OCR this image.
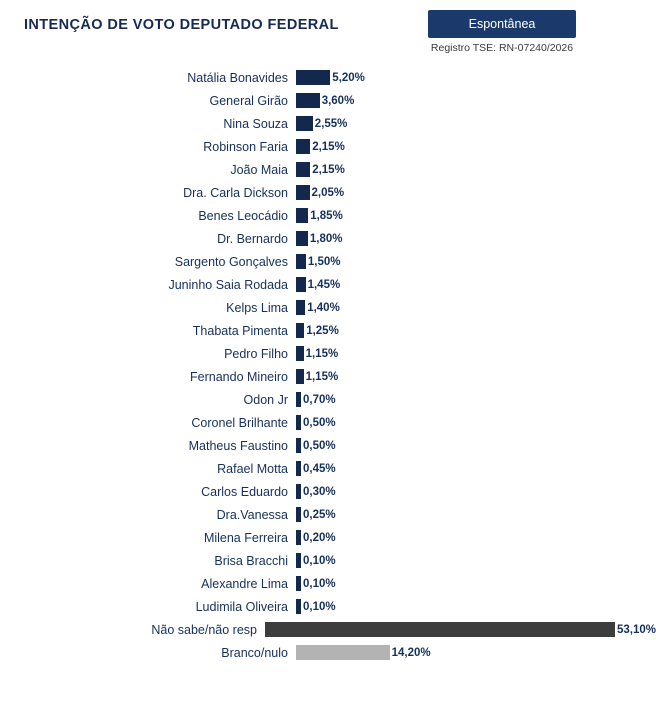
INTENÇÃO DE VOTO DEPUTADO FEDERAL	Espontânea
Registro TSE: RN-07240/2026
Natália Bonavides	5,20%
General Girão	3,60%
Nina Souza	2,55%
Robinson Faria	2,15%
João Maia	2,15%
Dra. Carla Dickson	2,05%
Benes Leocádio	1,85%
Dr. Bernardo	1,80%
Sargento Gonçalves	1,50%
Juninho Saia Rodada	1,45%
Kelps Lima	1,40%
Thabata Pimenta	1,25%
Pedro Filho	1,15%
Fernando Mineiro	1,15%
Odon Jr	0,70%
Coronel Brilhante	0,50%
Matheus Faustino	0,50%
Rafael Motta	0,45%
Carlos Eduardo	0,30%
Dra.Vanessa	0,25%
Milena Ferreira	0,20%
Brisa Bracchi	0,10%
Alexandre Lima	0,10%
Ludimila Oliveira	0,10%
Não sabe/não resp	53,10%
Branco/nulo	14,20%
